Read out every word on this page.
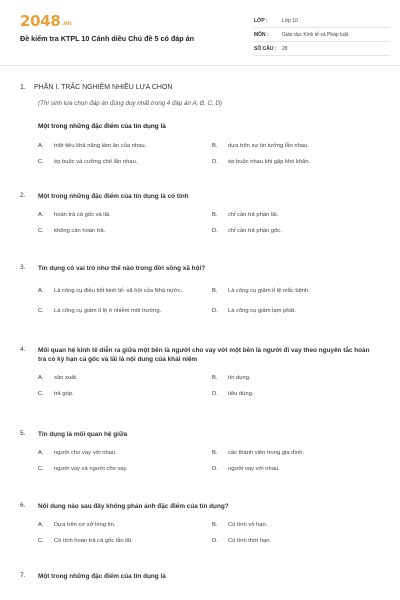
2048.vn
Đề kiểm tra KTPL 10 Cánh diều Chủ đề 5 có đáp án
LỚP :	Lớp 10
MÔN :	Giáo dục Kinh tế và Pháp luật
SỐ CÂU :	28
1.	PHẦN I. TRẮC NGHIỆM NHIỀU LỰA CHỌN
(Thí sinh lựa chọn đáp án đúng duy nhất trong 4 đáp án A, B, C, D)
Một trong những đặc điểm của tín dụng là
A.	triệt tiêu khả năng làm ăn của nhau.	B.	dựa trên sự tin tưởng lẫn nhau.
C.	ép buộc và cưỡng chế lẫn nhau.	D.	ép buộc nhau khi gặp khó khăn.
2.	Một trong những đặc điểm của tín dụng là có tính
A.	hoàn trả cả gốc và lãi.	B.	chỉ cần trả phần lãi.
C.	không cần hoàn trả.	D.	chỉ cần trả phần gốc.
3.	Tín dụng có vai trò như thế nào trong đời sống xã hội?
A.	Là công cụ điều tiết kinh tế- xã hội của Nhà nước.	B.	Là công cụ giảm tỉ lệ mắc bệnh.
C.	Là công cụ giảm tỉ lệ ô nhiễm môi trường.	D.	Là công cụ giảm lạm phát.
4.	Mối quan hệ kinh tế diễn ra giữa một bên là người cho vay với một bên là người đi vay theo nguyên tắc hoàn trả có kỳ hạn cả gốc và lãi là nội dung của khái niệm
A.	sản xuất.	B.	tín dụng.
C.	trả góp.	D.	tiêu dùng.
5.	Tín dụng là mối quan hệ giữa
A.	người cho vay với nhau.	B.	các thành viên trong gia đình.
C.	người vay và người cho vay.	D.	người vay với nhau.
6.	Nội dung nào sau đây không phản ánh đặc điểm của tín dụng?
A.	Dựa trên cơ sở lòng tin.	B.	Có tính vô hạn.
C.	Có tính hoàn trả cả gốc lẫn lãi.	D.	Có tính thời hạn.
7.	Một trong những đặc điểm của tín dụng là
